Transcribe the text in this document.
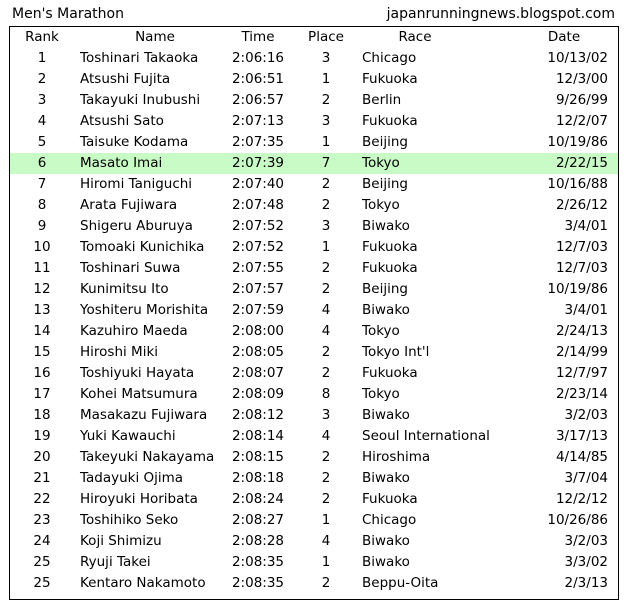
Men's Marathon	japanrunningnews.blogspot.com
Rank	Name	Time	Place	Race	Date
1	Toshinari Takaoka 2:06:16	3	Chicago	10/13/02
2	Atsushi Fujita	2:06:51	1	Fukuoka	12/3/00
3	Takayuki Inubushi 2:06:57	2	Berlin	9/26/99
4	Atsushi Sato	2:07:13	3	Fukuoka	12/2/07
5	Taisuke Kodama	2:07:35	1	Beijing	10/19/86
6	Masato Imai	2:07:39	7	Tokyo	2/22/15
7	Hiromi Taniguchi	2:07:40	2	Beijing	10/16/88
8	Arata Fujiwara	2:07:48	2	Tokyo	2/26/12
9	Shigeru Aburuya	2:07:52	3	Biwako	3/4/01
10	Tomoaki Kunichika 2:07:52	1	Fukuoka	12/7/03
11	Toshinari Suwa	2:07:55	2	Fukuoka	12/7/03
12	Kunimitsu Ito	2:07:57	2	Beijing	10/19/86
13	Yoshiteru Morishita 2:07:59	4	Biwako	3/4/01
14	Kazuhiro Maeda	2:08:00	4	Tokyo	2/24/13
15	Hiroshi Miki	2:08:05	2	Tokyo Int'l	2/14/99
16	Toshiyuki Hayata	2:08:07	2	Fukuoka	12/7/97
17	Kohei Matsumura	2:08:09	8	Tokyo	2/23/14
18	Masakazu Fujiwara 2:08:12	3	Biwako	3/2/03
19	Yuki Kawauchi	2:08:14	4	Seoul International	3/17/13
20	Takeyuki Nakayama 2:08:15	2	Hiroshima	4/14/85
21	Tadayuki Ojima	2:08:18	2	Biwako	3/7/04
22	Hiroyuki Horibata	2:08:24	2	Fukuoka	12/2/12
23	Toshihiko Seko	2:08:27	1	Chicago	10/26/86
24	Koji Shimizu	2:08:28	4	Biwako	3/2/03
25	Ryuji Takei	2:08:35	1	Biwako	3/3/02
25	Kentaro Nakamoto 2:08:35	2	Beppu-Oita	2/3/13
